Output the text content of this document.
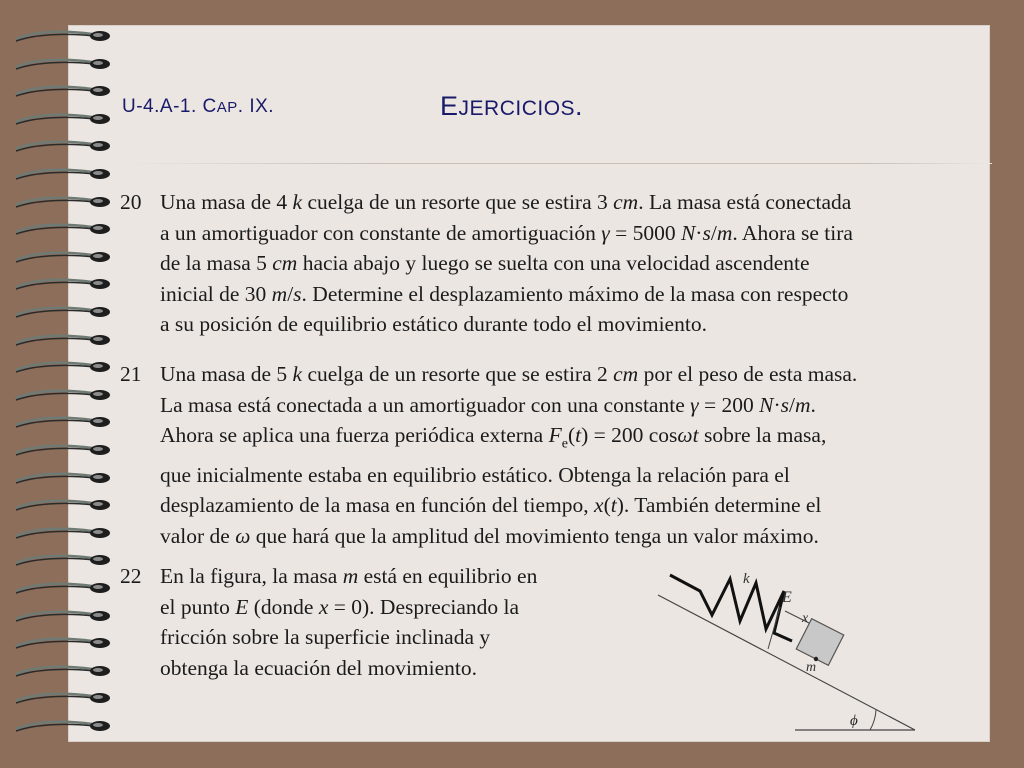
U-4.A-1. CAP. IX.	EJERCICIOS.
20 Una masa de 4 k cuelga de un resorte que se estira 3 cm. La masa está conectada
a un amortiguador con constante de amortiguación γ = 5000 N·s/m. Ahora se tira
de la masa 5 cm hacia abajo y luego se suelta con una velocidad ascendente
inicial de 30 m/s. Determine el desplazamiento máximo de la masa con respecto
a su posición de equilibrio estático durante todo el movimiento.
21 Una masa de 5 k cuelga de un resorte que se estira 2 cm por el peso de esta masa.
La masa está conectada a un amortiguador con una constante γ = 200 N·s/m.
Ahora se aplica una fuerza periódica externa $F_e(t) = 200$ cosωt sobre la masa,
que inicialmente estaba en equilibrio estático. Obtenga la relación para el
desplazamiento de la masa en función del tiempo, x(t). También determine el
valor de ω que hará que la amplitud del movimiento tenga un valor máximo.
22 En la figura, la masa m está en equilibrio en
el punto E (donde x = 0). Despreciando la
fricción sobre la superficie inclinada y
obtenga la ecuación del movimiento.
k
E
x
m
ϕ
